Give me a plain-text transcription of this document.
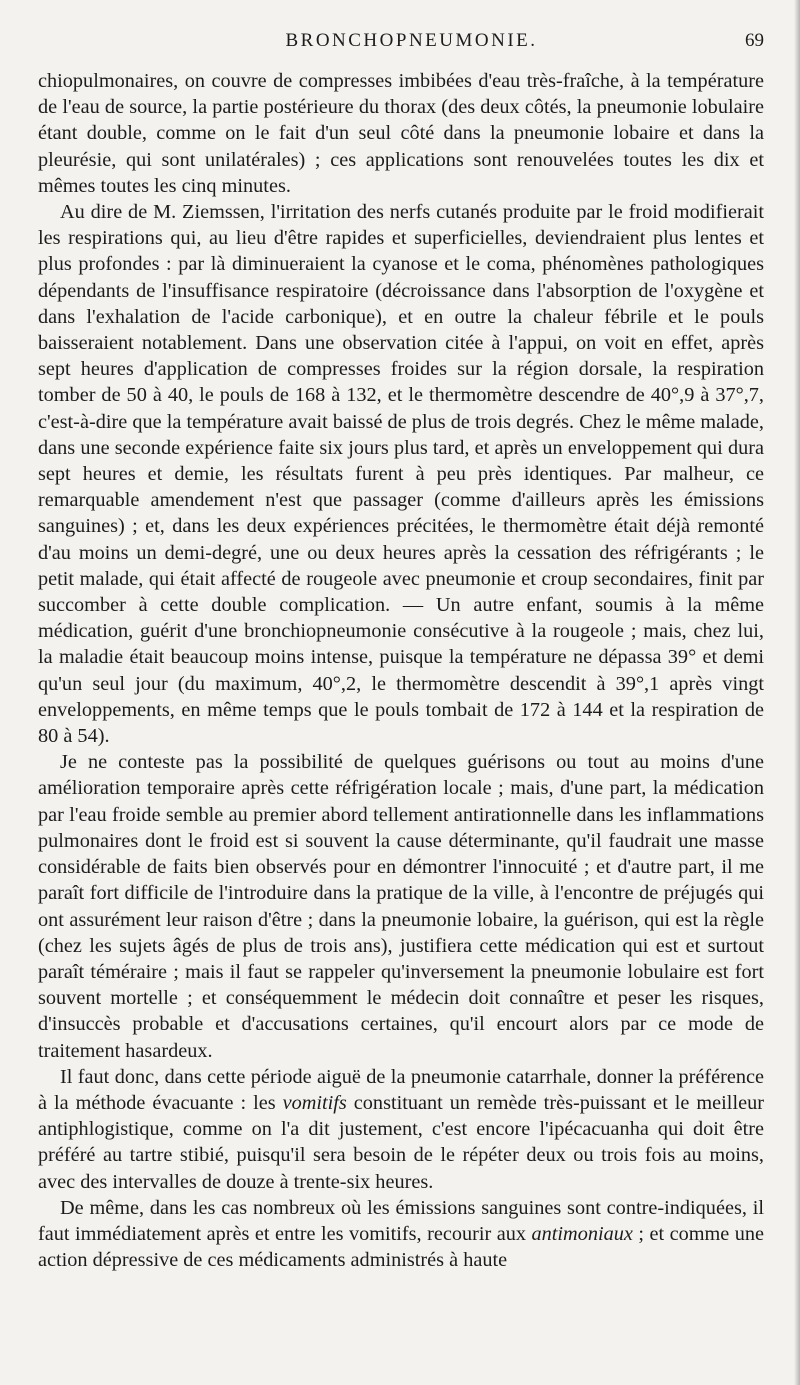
BRONCHOPNEUMONIE.	69

chiopulmonaires, on couvre de compresses imbibées d'eau très-fraîche, à la température de l'eau de source, la partie postérieure du thorax (des deux côtés, la pneumonie lobulaire étant double, comme on le fait d'un seul côté dans la pneumonie lobaire et dans la pleurésie, qui sont unilatérales) ; ces applications sont renouvelées toutes les dix et mêmes toutes les cinq minutes.

Au dire de M. Ziemssen, l'irritation des nerfs cutanés produite par le froid modifierait les respirations qui, au lieu d'être rapides et superficielles, deviendraient plus lentes et plus profondes : par là diminueraient la cyanose et le coma, phénomènes pathologiques dépendants de l'insuffisance respiratoire (décroissance dans l'absorption de l'oxygène et dans l'exhalation de l'acide carbonique), et en outre la chaleur fébrile et le pouls baisseraient notablement. Dans une observation citée à l'appui, on voit en effet, après sept heures d'application de compresses froides sur la région dorsale, la respiration tomber de 50 à 40, le pouls de 168 à 132, et le thermomètre descendre de 40°,9 à 37°,7, c'est-à-dire que la température avait baissé de plus de trois degrés. Chez le même malade, dans une seconde expérience faite six jours plus tard, et après un enveloppement qui dura sept heures et demie, les résultats furent à peu près identiques. Par malheur, ce remarquable amendement n'est que passager (comme d'ailleurs après les émissions sanguines) ; et, dans les deux expériences précitées, le thermomètre était déjà remonté d'au moins un demi-degré, une ou deux heures après la cessation des réfrigérants ; le petit malade, qui était affecté de rougeole avec pneumonie et croup secondaires, finit par succomber à cette double complication. — Un autre enfant, soumis à la même médication, guérit d'une bronchiopneumonie consécutive à la rougeole ; mais, chez lui, la maladie était beaucoup moins intense, puisque la température ne dépassa 39° et demi qu'un seul jour (du maximum, 40°,2, le thermomètre descendit à 39°,1 après vingt enveloppements, en même temps que le pouls tombait de 172 à 144 et la respiration de 80 à 54).

Je ne conteste pas la possibilité de quelques guérisons ou tout au moins d'une amélioration temporaire après cette réfrigération locale ; mais, d'une part, la médication par l'eau froide semble au premier abord tellement antirationnelle dans les inflammations pulmonaires dont le froid est si souvent la cause déterminante, qu'il faudrait une masse considérable de faits bien observés pour en démontrer l'innocuité ; et d'autre part, il me paraît fort difficile de l'introduire dans la pratique de la ville, à l'encontre de préjugés qui ont assurément leur raison d'être ; dans la pneumonie lobaire, la guérison, qui est la règle (chez les sujets âgés de plus de trois ans), justifiera cette médication qui est et surtout paraît téméraire ; mais il faut se rappeler qu'inversement la pneumonie lobulaire est fort souvent mortelle ; et conséquemment le médecin doit connaître et peser les risques, d'insuccès probable et d'accusations certaines, qu'il encourt alors par ce mode de traitement hasardeux.

Il faut donc, dans cette période aiguë de la pneumonie catarrhale, donner la préférence à la méthode évacuante : les vomitifs constituant un remède très-puissant et le meilleur antiphlogistique, comme on l'a dit justement, c'est encore l'ipécacuanha qui doit être préféré au tartre stibié, puisqu'il sera besoin de le répéter deux ou trois fois au moins, avec des intervalles de douze à trente-six heures.

De même, dans les cas nombreux où les émissions sanguines sont contre-indiquées, il faut immédiatement après et entre les vomitifs, recourir aux antimoniaux ; et comme une action dépressive de ces médicaments administrés à haute
